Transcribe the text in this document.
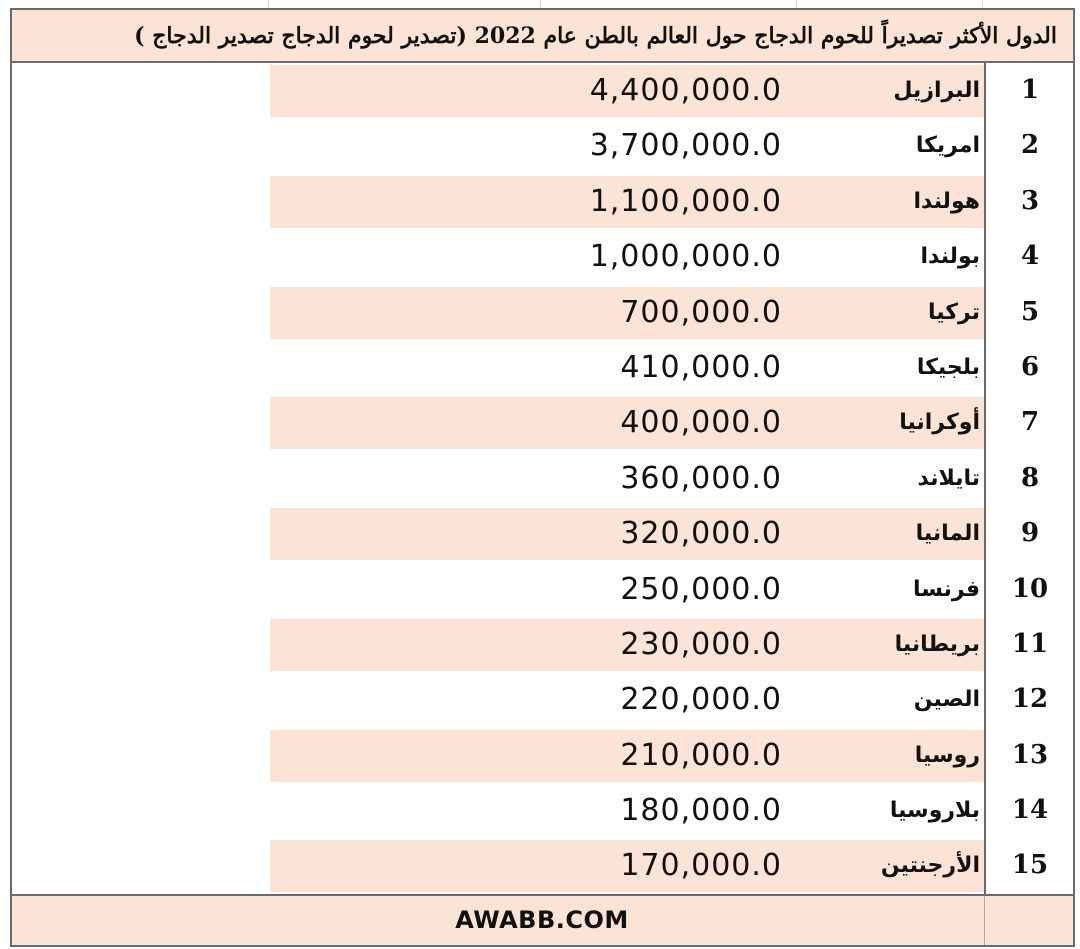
الدول الأكثر تصديراً للحوم الدجاج حول العالم بالطن عام 2022 (تصدير لحوم الدجاج تصدير الدجاج )
4,400,000.0	البرازيل	1
3,700,000.0	امريكا	2
1,100,000.0	هولندا	3
1,000,000.0	بولندا	4
700,000.0	تركيا	5
410,000.0	بلجيكا	6
400,000.0	أوكرانيا	7
360,000.0	تايلاند	8
320,000.0	المانيا	9
250,000.0	فرنسا	10
230,000.0	بريطانيا	11
220,000.0	الصين	12
210,000.0	روسيا	13
180,000.0	بلاروسيا	14
170,000.0	الأرجنتين	15
AWABB.COM
